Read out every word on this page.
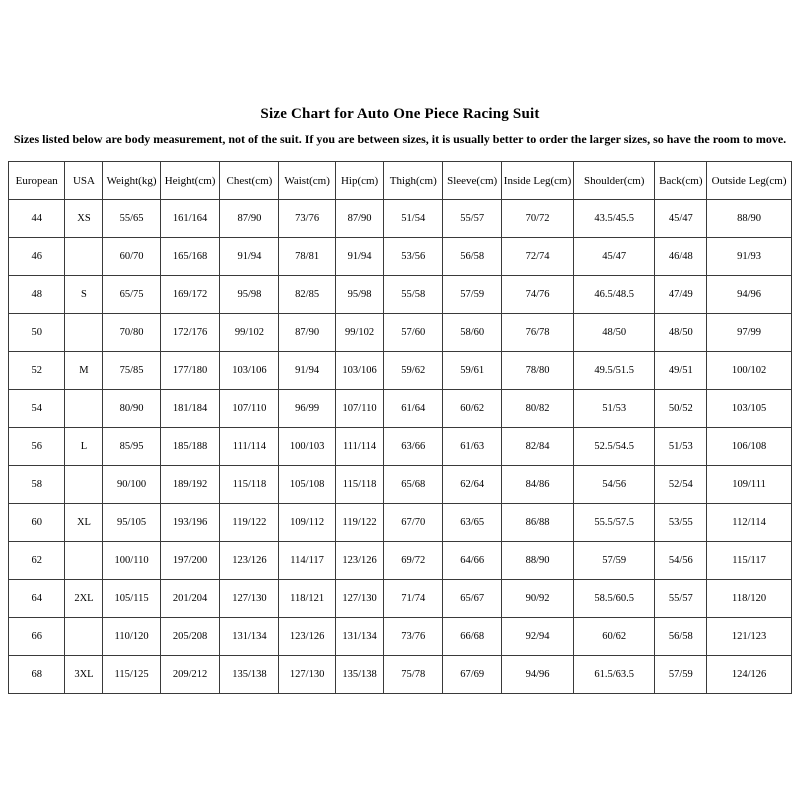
Size Chart for Auto One Piece Racing Suit

Sizes listed below are body measurement, not of the suit. If you are between sizes, it is usually better to order the larger sizes, so have the room to move.

European	USA	Weight(kg)	Height(cm)	Chest(cm)	Waist(cm)	Hip(cm)	Thigh(cm)	Sleeve(cm)	Inside Leg(cm)	Shoulder(cm)	Back(cm)	Outside Leg(cm)
44	XS	55/65	161/164	87/90	73/76	87/90	51/54	55/57	70/72	43.5/45.5	45/47	88/90
46		60/70	165/168	91/94	78/81	91/94	53/56	56/58	72/74	45/47	46/48	91/93
48	S	65/75	169/172	95/98	82/85	95/98	55/58	57/59	74/76	46.5/48.5	47/49	94/96
50		70/80	172/176	99/102	87/90	99/102	57/60	58/60	76/78	48/50	48/50	97/99
52	M	75/85	177/180	103/106	91/94	103/106	59/62	59/61	78/80	49.5/51.5	49/51	100/102
54		80/90	181/184	107/110	96/99	107/110	61/64	60/62	80/82	51/53	50/52	103/105
56	L	85/95	185/188	111/114	100/103	111/114	63/66	61/63	82/84	52.5/54.5	51/53	106/108
58		90/100	189/192	115/118	105/108	115/118	65/68	62/64	84/86	54/56	52/54	109/111
60	XL	95/105	193/196	119/122	109/112	119/122	67/70	63/65	86/88	55.5/57.5	53/55	112/114
62		100/110	197/200	123/126	114/117	123/126	69/72	64/66	88/90	57/59	54/56	115/117
64	2XL	105/115	201/204	127/130	118/121	127/130	71/74	65/67	90/92	58.5/60.5	55/57	118/120
66		110/120	205/208	131/134	123/126	131/134	73/76	66/68	92/94	60/62	56/58	121/123
68	3XL	115/125	209/212	135/138	127/130	135/138	75/78	67/69	94/96	61.5/63.5	57/59	124/126
